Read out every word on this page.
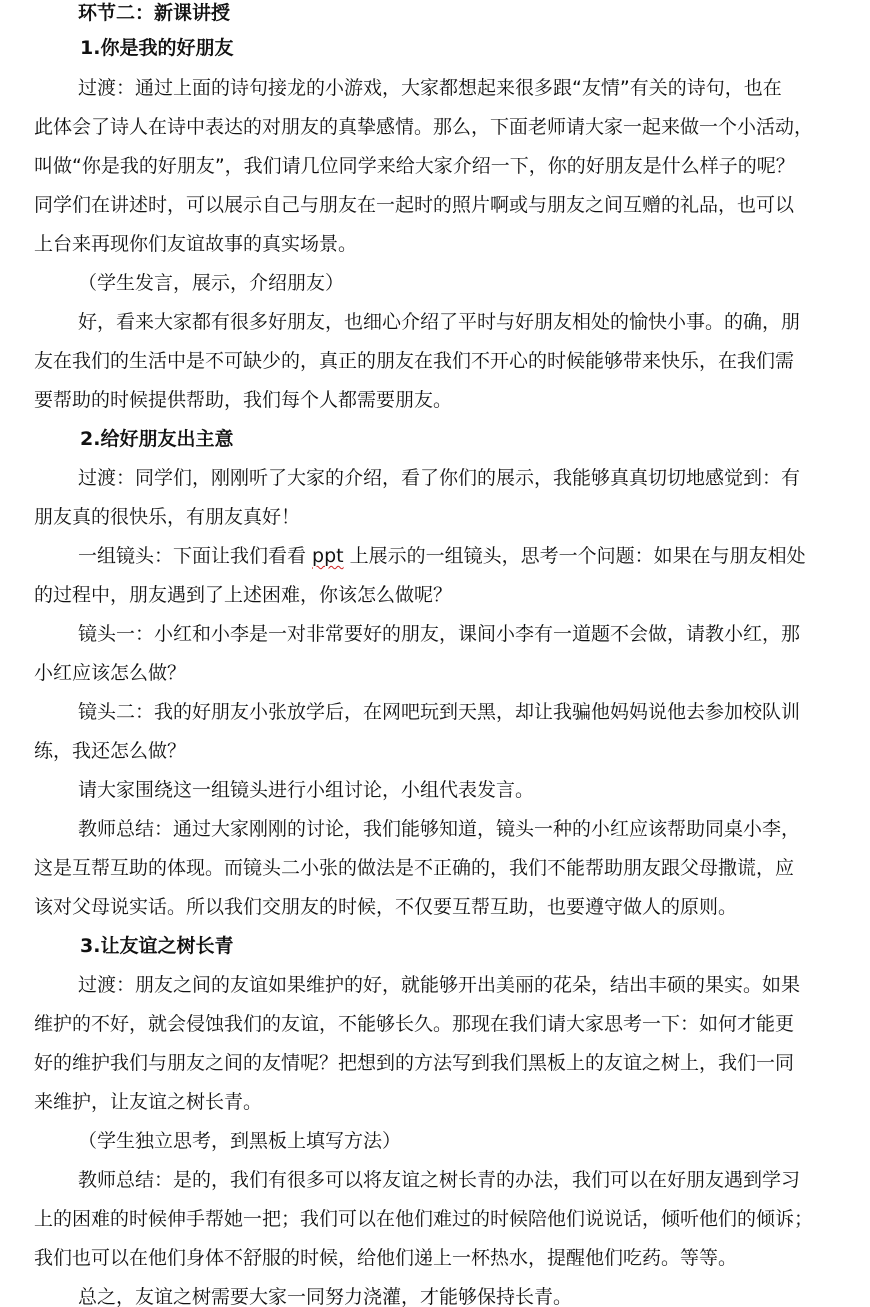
环节二：新课讲授
1.你是我的好朋友
过渡：通过上面的诗句接龙的小游戏，大家都想起来很多跟“友情”有关的诗句，也在
此体会了诗人在诗中表达的对朋友的真挚感情。那么，下面老师请大家一起来做一个小活动，
叫做“你是我的好朋友”，我们请几位同学来给大家介绍一下，你的好朋友是什么样子的呢？
同学们在讲述时，可以展示自己与朋友在一起时的照片啊或与朋友之间互赠的礼品，也可以
上台来再现你们友谊故事的真实场景。
（学生发言，展示，介绍朋友）
好，看来大家都有很多好朋友，也细心介绍了平时与好朋友相处的愉快小事。的确，朋
友在我们的生活中是不可缺少的，真正的朋友在我们不开心的时候能够带来快乐，在我们需
要帮助的时候提供帮助，我们每个人都需要朋友。
2.给好朋友出主意
过渡：同学们，刚刚听了大家的介绍，看了你们的展示，我能够真真切切地感觉到：有
朋友真的很快乐，有朋友真好！
一组镜头：下面让我们看看 ppt 上展示的一组镜头，思考一个问题：如果在与朋友相处
的过程中，朋友遇到了上述困难，你该怎么做呢？
镜头一：小红和小李是一对非常要好的朋友，课间小李有一道题不会做，请教小红，那
小红应该怎么做？
镜头二：我的好朋友小张放学后，在网吧玩到天黑，却让我骗他妈妈说他去参加校队训
练，我还怎么做？
请大家围绕这一组镜头进行小组讨论，小组代表发言。
教师总结：通过大家刚刚的讨论，我们能够知道，镜头一种的小红应该帮助同桌小李，
这是互帮互助的体现。而镜头二小张的做法是不正确的，我们不能帮助朋友跟父母撒谎，应
该对父母说实话。所以我们交朋友的时候，不仅要互帮互助，也要遵守做人的原则。
3.让友谊之树长青
过渡：朋友之间的友谊如果维护的好，就能够开出美丽的花朵，结出丰硕的果实。如果
维护的不好，就会侵蚀我们的友谊，不能够长久。那现在我们请大家思考一下：如何才能更
好的维护我们与朋友之间的友情呢？把想到的方法写到我们黑板上的友谊之树上，我们一同
来维护，让友谊之树长青。
（学生独立思考，到黑板上填写方法）
教师总结：是的，我们有很多可以将友谊之树长青的办法，我们可以在好朋友遇到学习
上的困难的时候伸手帮她一把；我们可以在他们难过的时候陪他们说说话，倾听他们的倾诉；
我们也可以在他们身体不舒服的时候，给他们递上一杯热水，提醒他们吃药。等等。
总之，友谊之树需要大家一同努力浇灌，才能够保持长青。
